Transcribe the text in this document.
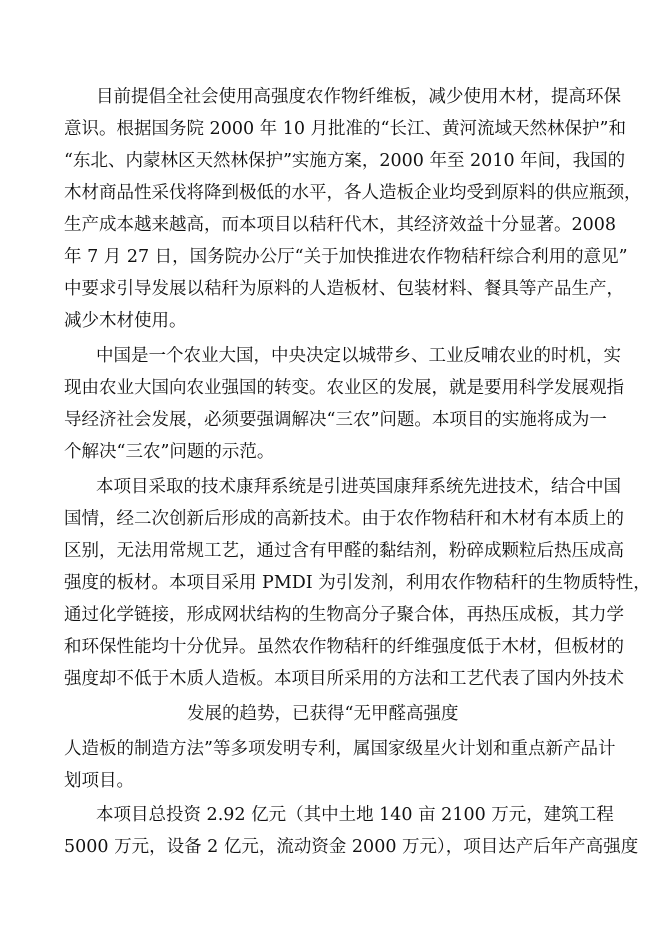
目前提倡全社会使用高强度农作物纤维板，减少使用木材，提高环保
意识。根据国务院 2000 年 10 月批准的“长江、黄河流域天然林保护”和
“东北、内蒙林区天然林保护”实施方案，2000 年至 2010 年间，我国的
木材商品性采伐将降到极低的水平，各人造板企业均受到原料的供应瓶颈，
生产成本越来越高，而本项目以秸秆代木，其经济效益十分显著。2008
年 7 月 27 日，国务院办公厅“关于加快推进农作物秸秆综合利用的意见”
中要求引导发展以秸秆为原料的人造板材、包装材料、餐具等产品生产，
减少木材使用。
中国是一个农业大国，中央决定以城带乡、工业反哺农业的时机，实
现由农业大国向农业强国的转变。农业区的发展，就是要用科学发展观指
导经济社会发展，必须要强调解决“三农”问题。本项目的实施将成为一
个解决“三农”问题的示范。
本项目采取的技术康拜系统是引进英国康拜系统先进技术，结合中国
国情，经二次创新后形成的高新技术。由于农作物秸秆和木材有本质上的
区别，无法用常规工艺，通过含有甲醛的黏结剂，粉碎成颗粒后热压成高
强度的板材。本项目采用 PMDI 为引发剂，利用农作物秸秆的生物质特性，
通过化学链接，形成网状结构的生物高分子聚合体，再热压成板，其力学
和环保性能均十分优异。虽然农作物秸秆的纤维强度低于木材，但板材的
强度却不低于木质人造板。本项目所采用的方法和工艺代表了国内外技术
发展的趋势，已获得“无甲醛高强度
人造板的制造方法”等多项发明专利，属国家级星火计划和重点新产品计
划项目。
本项目总投资 2.92 亿元（其中土地 140 亩 2100 万元，建筑工程
5000 万元，设备 2 亿元，流动资金 2000 万元），项目达产后年产高强度
